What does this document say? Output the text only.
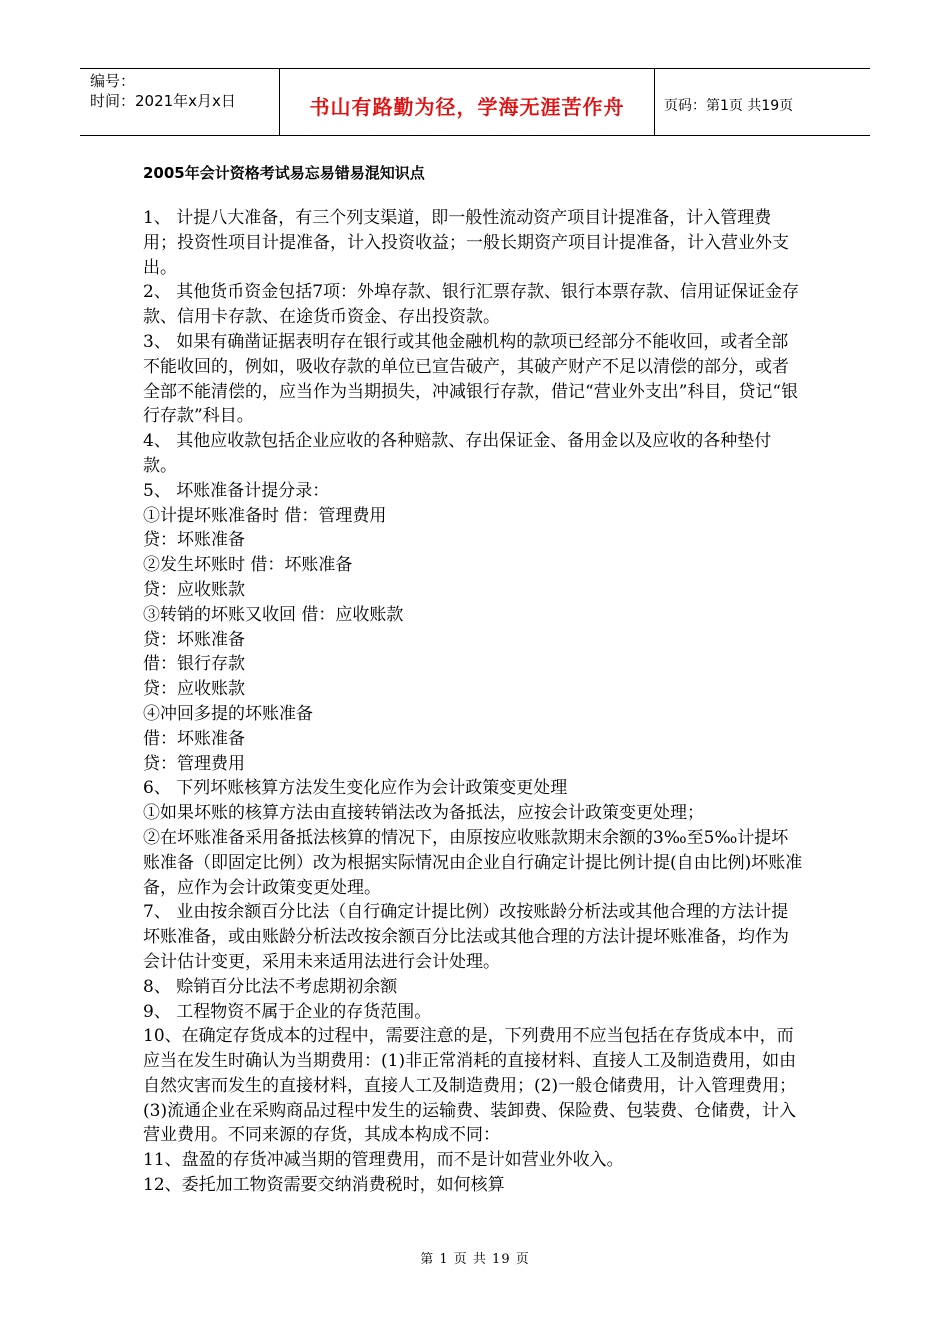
编号：
时间：2021年x月x日	书山有路勤为径，学海无涯苦作舟	页码：第1页 共19页
2005年会计资格考试易忘易错易混知识点

1、 计提八大准备，有三个列支渠道，即一般性流动资产项目计提准备，计入管理费用；投资性项目计提准备，计入投资收益；一般长期资产项目计提准备，计入营业外支出。

2、 其他货币资金包括7项：外埠存款、银行汇票存款、银行本票存款、信用证保证金存款、信用卡存款、在途货币资金、存出投资款。

3、 如果有确凿证据表明存在银行或其他金融机构的款项已经部分不能收回，或者全部不能收回的，例如，吸收存款的单位已宣告破产，其破产财产不足以清偿的部分，或者全部不能清偿的，应当作为当期损失，冲减银行存款，借记“营业外支出”科目，贷记“银行存款”科目。

4、 其他应收款包括企业应收的各种赔款、存出保证金、备用金以及应收的各种垫付款。

5、 坏账准备计提分录：

①计提坏账准备时 借：管理费用

贷：坏账准备

②发生坏账时 借：坏账准备

贷：应收账款

③转销的坏账又收回 借：应收账款

贷：坏账准备

借：银行存款

贷：应收账款

④冲回多提的坏账准备

借：坏账准备

贷：管理费用

6、 下列坏账核算方法发生变化应作为会计政策变更处理

①如果坏账的核算方法由直接转销法改为备抵法，应按会计政策变更处理；

②在坏账准备采用备抵法核算的情况下，由原按应收账款期末余额的3‰至5‰计提坏账准备（即固定比例）改为根据实际情况由企业自行确定计提比例计提(自由比例)坏账准备，应作为会计政策变更处理。

7、 业由按余额百分比法（自行确定计提比例）改按账龄分析法或其他合理的方法计提坏账准备，或由账龄分析法改按余额百分比法或其他合理的方法计提坏账准备，均作为会计估计变更，采用未来适用法进行会计处理。

8、 赊销百分比法不考虑期初余额

9、 工程物资不属于企业的存货范围。

10、在确定存货成本的过程中，需要注意的是，下列费用不应当包括在存货成本中，而应当在发生时确认为当期费用：(1)非正常消耗的直接材料、直接人工及制造费用，如由自然灾害而发生的直接材料，直接人工及制造费用；(2)一般仓储费用，计入管理费用；(3)流通企业在采购商品过程中发生的运输费、装卸费、保险费、包装费、仓储费，计入营业费用。不同来源的存货，其成本构成不同：

11、盘盈的存货冲减当期的管理费用，而不是计如营业外收入。

12、委托加工物资需要交纳消费税时，如何核算

第 1 页 共 19 页
